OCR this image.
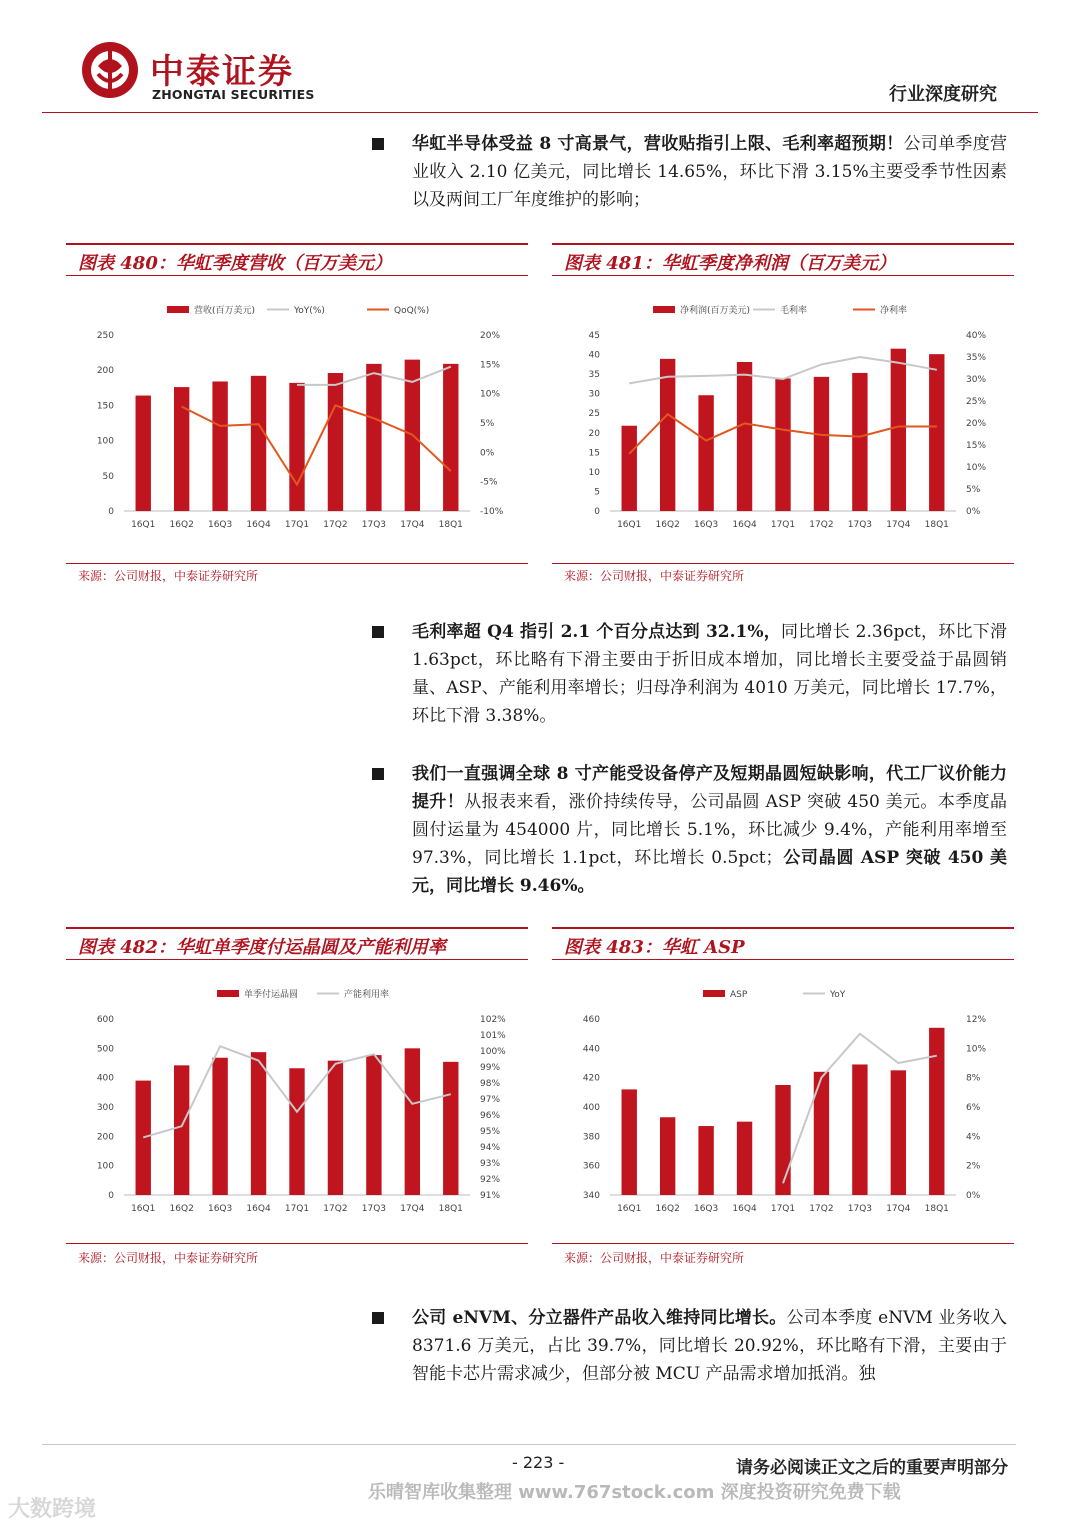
中泰证券
ZHONGTAI SECURITIES	行业深度研究
华虹半导体受益 8 寸高景气，营收贴指引上限、毛利率超预期！公司单季度营业收入 2.10 亿美元，同比增长 14.65%，环比下滑 3.15%主要受季节性因素以及两间工厂年度维护的影响；
图表 480：华虹季度营收（百万美元）
营收(百万美元)	YoY(%)	QoQ(%)
0
50
100
150
200
250
-10%
-5%
0%
5%
10%
15%
20%
16Q1 16Q2 16Q3 16Q4 17Q1 17Q2 17Q3 17Q4 18Q1
来源：公司财报，中泰证券研究所
图表 481：华虹季度净利润（百万美元）
净利润(百万美元)	毛利率	净利率
0
5
10
15
20
25
30
35
40
45
0%
5%
10%
15%
20%
25%
30%
35%
40%
16Q1 16Q2 16Q3 16Q4 17Q1 17Q2 17Q3 17Q4 18Q1
来源：公司财报，中泰证券研究所
毛利率超 Q4 指引 2.1 个百分点达到 32.1%，同比增长 2.36pct，环比下滑 1.63pct，环比略有下滑主要由于折旧成本增加，同比增长主要受益于晶圆销量、ASP、产能利用率增长；归母净利润为 4010 万美元，同比增长 17.7%，环比下滑 3.38%。
我们一直强调全球 8 寸产能受设备停产及短期晶圆短缺影响，代工厂议价能力提升！从报表来看，涨价持续传导，公司晶圆 ASP 突破 450 美元。本季度晶圆付运量为 454000 片，同比增长 5.1%，环比减少 9.4%，产能利用率增至 97.3%，同比增长 1.1pct，环比增长 0.5pct；公司晶圆 ASP 突破 450 美元，同比增长 9.46%。
图表 482：华虹单季度付运晶圆及产能利用率
单季付运晶圆	产能利用率
0
100
200
300
400
500
600
91%
92%
93%
94%
95%
96%
97%
98%
99%
100%
101%
102%
16Q1 16Q2 16Q3 16Q4 17Q1 17Q2 17Q3 17Q4 18Q1
来源：公司财报，中泰证券研究所
图表 483：华虹 ASP
ASP	YoY
340
360
380
400
420
440
460
0%
2%
4%
6%
8%
10%
12%
16Q1 16Q2 16Q3 16Q4 17Q1 17Q2 17Q3 17Q4 18Q1
来源：公司财报，中泰证券研究所
公司 eNVM、分立器件产品收入维持同比增长。公司本季度 eNVM 业务收入 8371.6 万美元，占比 39.7%，同比增长 20.92%，环比略有下滑，主要由于智能卡芯片需求减少，但部分被 MCU 产品需求增加抵消。独
- 223 -	请务必阅读正文之后的重要声明部分
乐晴智库收集整理 www.767stock.com 深度投资研究免费下载
大数跨境
